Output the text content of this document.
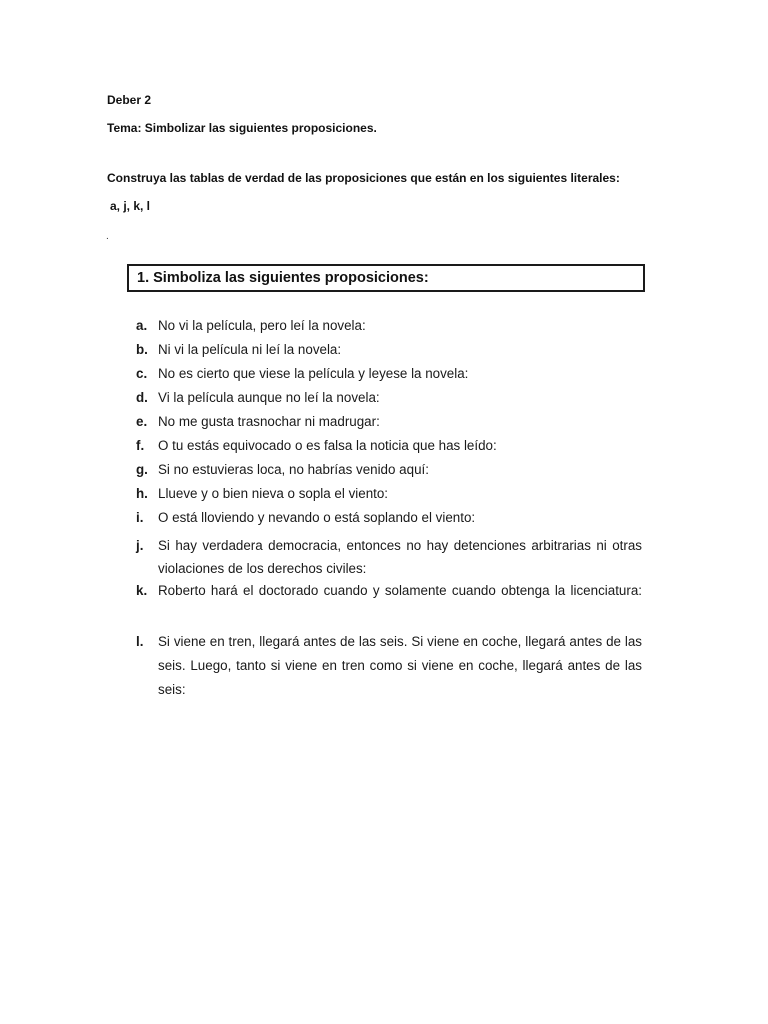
Deber 2
Tema: Simbolizar las siguientes proposiciones.
Construya las tablas de verdad de las proposiciones que están en los siguientes literales:
a, j, k, l
.
1. Simboliza las siguientes proposiciones:
a. No vi la película, pero leí la novela:
b. Ni vi la película ni leí la novela:
c. No es cierto que viese la película y leyese la novela:
d. Vi la película aunque no leí la novela:
e. No me gusta trasnochar ni madrugar:
f. O tu estás equivocado o es falsa la noticia que has leído:
g. Si no estuvieras loca, no habrías venido aquí:
h. Llueve y o bien nieva o sopla el viento:
i. O está lloviendo y nevando o está soplando el viento:
j. Si hay verdadera democracia, entonces no hay detenciones arbitrarias ni otras
violaciones de los derechos civiles:
k. Roberto hará el doctorado cuando y solamente cuando obtenga la licenciatura:
l. Si viene en tren, llegará antes de las seis. Si viene en coche, llegará antes de las
seis. Luego, tanto si viene en tren como si viene en coche, llegará antes de las seis:
